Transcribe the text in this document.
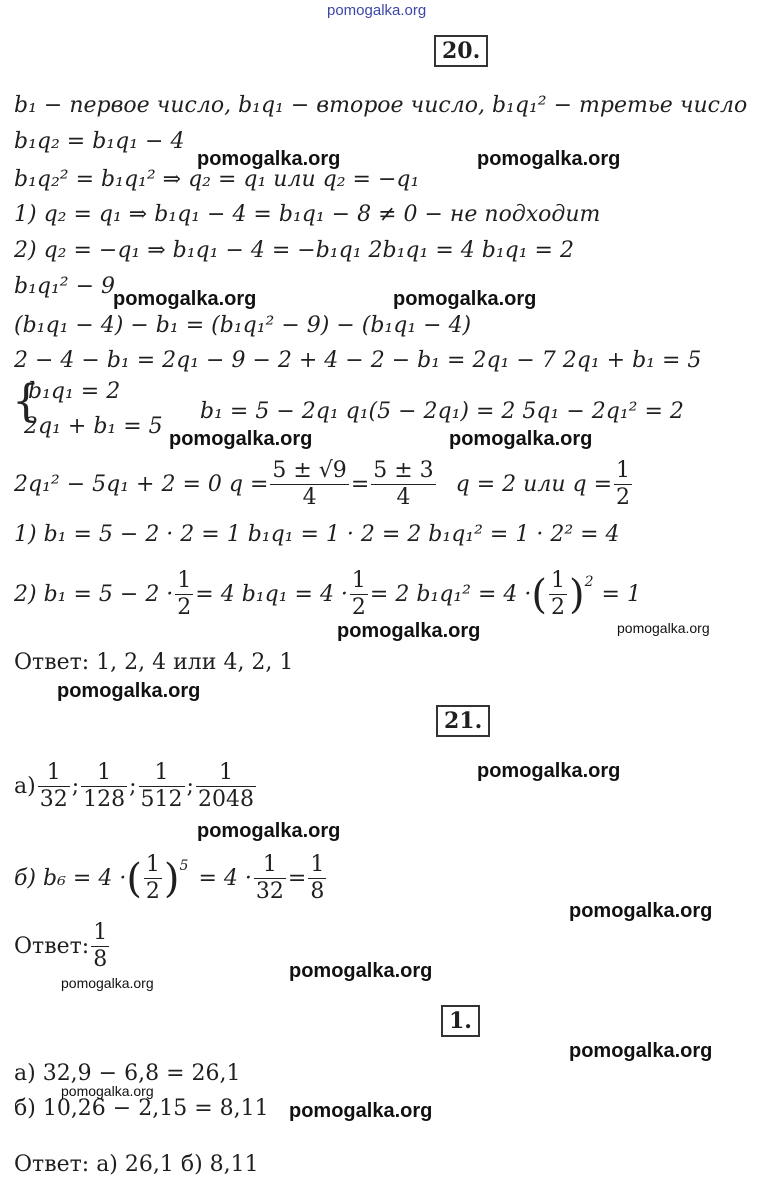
pomogalka.org
20.
b₁ − первое число, b₁q₁ − второе число, b₁q₁² − третье число
b₁q₂ = b₁q₁ − 4
b₁q₂² = b₁q₁² ⇒ q₂ = q₁ или q₂ = −q₁
1) q₂ = q₁ ⇒ b₁q₁ − 4 = b₁q₁ − 8 ≠ 0 − не подходит
2) q₂ = −q₁ ⇒ b₁q₁ − 4 = −b₁q₁ 2b₁q₁ = 4 b₁q₁ = 2
b₁q₁² − 9
(b₁q₁ − 4) − b₁ = (b₁q₁² − 9) − (b₁q₁ − 4)
2 − 4 − b₁ = 2q₁ − 9 − 2 + 4 − 2 − b₁ = 2q₁ − 7 2q₁ + b₁ = 5
{
b₁q₁ = 2
2q₁ + b₁ = 5
b₁ = 5 − 2q₁ q₁(5 − 2q₁) = 2 5q₁ − 2q₁² = 2
2q₁² − 5q₁ + 2 = 0 $q = \frac{5 \pm √9}{4} = \frac{5 \pm 3}{4}$ q = 2 или $q = \frac{1}{2}$
1) b₁ = 5 − 2 · 2 = 1 b₁q₁ = 1 · 2 = 2 b₁q₁² = 1 · 2² = 4
2) $b_1 = 5 - 2 \cdot \frac{1}{2} = 4$ $b_1q_1 = 4 \cdot \frac{1}{2} = 2$ b₁q₁² = 4 · ( $\frac{1}{2} )^2 = 1$
Ответ: 1, 2, 4 или 4, 2, 1
21.
$а) \frac{1}{32}$ ; $\frac{1}{128}$ ; $\frac{1}{512}$ ; $\frac{1}{2048}$
б) b₆ = 4 · ( $\frac{1}{2} )^5 = 4 \cdot \frac{1}{32} = \frac{1}{8}$
Ответ: $\frac{1}{8}$
1.
а) 32,9 − 6,8 = 26,1
б) 10,26 − 2,15 = 8,11
Ответ: а) 26,1 б) 8,11
pomogalka.org	pomogalka.org
pomogalka.org	pomogalka.org
pomogalka.org	pomogalka.org
pomogalka.org	pomogalka.org
pomogalka.org
pomogalka.org
pomogalka.org
pomogalka.org
pomogalka.org
pomogalka.org
pomogalka.org
pomogalka.org
pomogalka.org
